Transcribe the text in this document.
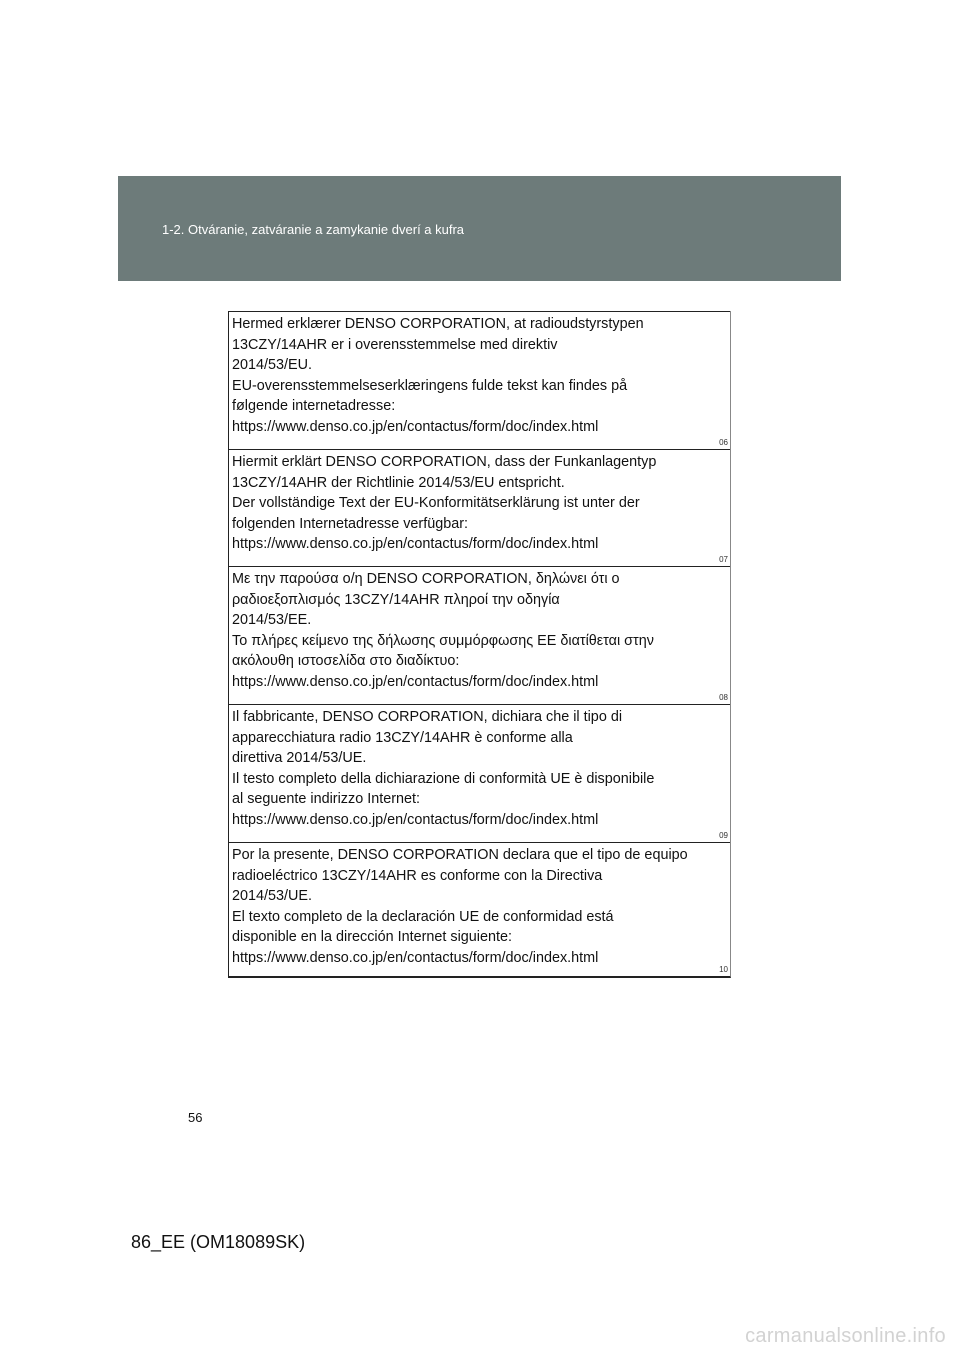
1-2. Otváranie, zatváranie a zamykanie dverí a kufra
Hermed erklærer DENSO CORPORATION, at radioudstyrstypen
13CZY/14AHR er i overensstemmelse med direktiv
2014/53/EU.
EU-overensstemmelseserklæringens fulde tekst kan findes på
følgende internetadresse:
https://www.denso.co.jp/en/contactus/form/doc/index.html
06
Hiermit erklärt DENSO CORPORATION, dass der Funkanlagentyp
13CZY/14AHR der Richtlinie 2014/53/EU entspricht.
Der vollständige Text der EU-Konformitätserklärung ist unter der
folgenden Internetadresse verfügbar:
https://www.denso.co.jp/en/contactus/form/doc/index.html
07
Με την παρούσα ο/η DENSO CORPORATION, δηλώνει ότι ο
ραδιοεξοπλισμός 13CZY/14AHR πληροί την οδηγία
2014/53/ΕΕ.
Το πλήρες κείμενο της δήλωσης συμμόρφωσης ΕΕ διατίθεται στην
ακόλουθη ιστοσελίδα στο διαδίκτυο:
https://www.denso.co.jp/en/contactus/form/doc/index.html
08
Il fabbricante, DENSO CORPORATION, dichiara che il tipo di
apparecchiatura radio 13CZY/14AHR è conforme alla
direttiva 2014/53/UE.
Il testo completo della dichiarazione di conformità UE è disponibile
al seguente indirizzo Internet:
https://www.denso.co.jp/en/contactus/form/doc/index.html
09
Por la presente, DENSO CORPORATION declara que el tipo de equipo
radioeléctrico 13CZY/14AHR es conforme con la Directiva
2014/53/UE.
El texto completo de la declaración UE de conformidad está
disponible en la dirección Internet siguiente:
https://www.denso.co.jp/en/contactus/form/doc/index.html
10
56
86_EE (OM18089SK)
carmanualsonline.info
